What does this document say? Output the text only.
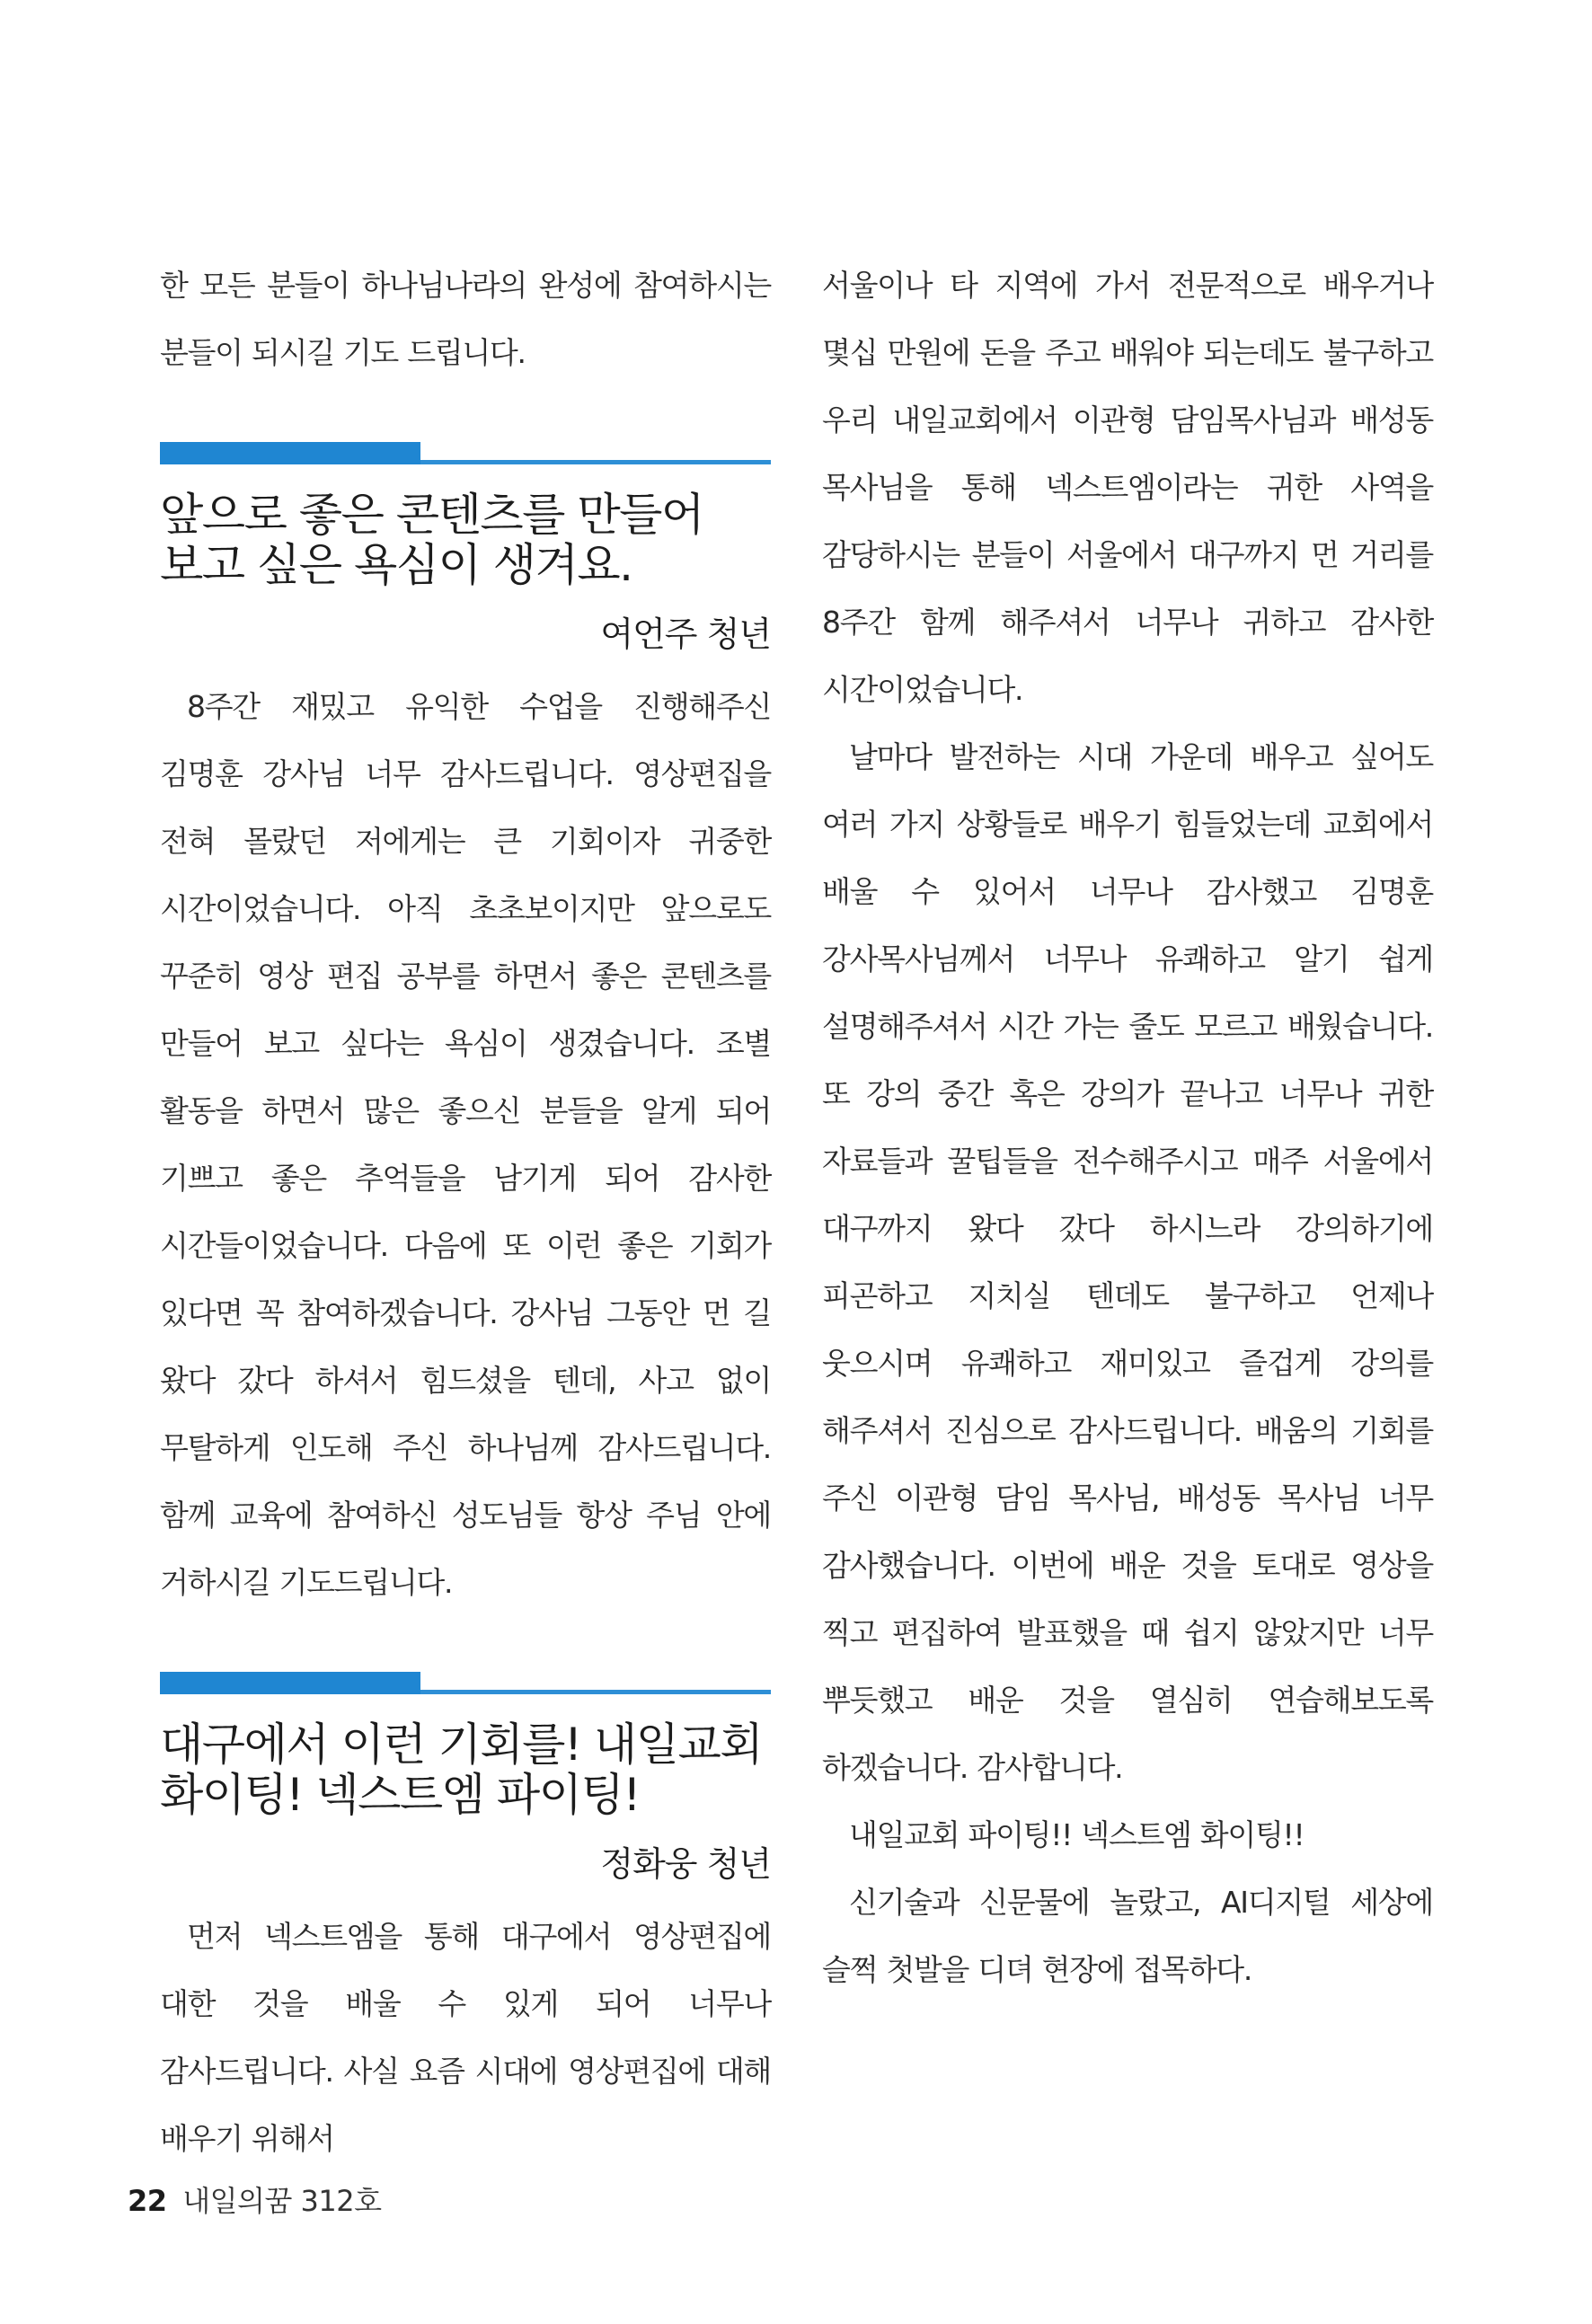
한 모든 분들이 하나님나라의 완성에 참여하시는 분들이 되시길 기도 드립니다.

앞으로 좋은 콘텐츠를 만들어
보고 싶은 욕심이 생겨요.
여언주 청년

8주간 재밌고 유익한 수업을 진행해주신 김명훈 강사님 너무 감사드립니다. 영상편집을 전혀 몰랐던 저에게는 큰 기회이자 귀중한 시간이었습니다. 아직 초초보이지만 앞으로도 꾸준히 영상 편집 공부를 하면서 좋은 콘텐츠를 만들어 보고 싶다는 욕심이 생겼습니다. 조별 활동을 하면서 많은 좋으신 분들을 알게 되어 기쁘고 좋은 추억들을 남기게 되어 감사한 시간들이었습니다. 다음에 또 이런 좋은 기회가 있다면 꼭 참여하겠습니다. 강사님 그동안 먼 길 왔다 갔다 하셔서 힘드셨을 텐데, 사고 없이 무탈하게 인도해 주신 하나님께 감사드립니다. 함께 교육에 참여하신 성도님들 항상 주님 안에 거하시길 기도드립니다.

대구에서 이런 기회를! 내일교회
화이팅! 넥스트엠 파이팅!
정화웅 청년

먼저 넥스트엠을 통해 대구에서 영상편집에 대한 것을 배울 수 있게 되어 너무나 감사드립니다. 사실 요즘 시대에 영상편집에 대해 배우기 위해서

서울이나 타 지역에 가서 전문적으로 배우거나 몇십 만원에 돈을 주고 배워야 되는데도 불구하고 우리 내일교회에서 이관형 담임목사님과 배성동 목사님을 통해 넥스트엠이라는 귀한 사역을 감당하시는 분들이 서울에서 대구까지 먼 거리를 8주간 함께 해주셔서 너무나 귀하고 감사한 시간이었습니다.

날마다 발전하는 시대 가운데 배우고 싶어도 여러 가지 상황들로 배우기 힘들었는데 교회에서 배울 수 있어서 너무나 감사했고 김명훈 강사목사님께서 너무나 유쾌하고 알기 쉽게 설명해주셔서 시간 가는 줄도 모르고 배웠습니다. 또 강의 중간 혹은 강의가 끝나고 너무나 귀한 자료들과 꿀팁들을 전수해주시고 매주 서울에서 대구까지 왔다 갔다 하시느라 강의하기에 피곤하고 지치실 텐데도 불구하고 언제나 웃으시며 유쾌하고 재미있고 즐겁게 강의를 해주셔서 진심으로 감사드립니다. 배움의 기회를 주신 이관형 담임 목사님, 배성동 목사님 너무 감사했습니다. 이번에 배운 것을 토대로 영상을 찍고 편집하여 발표했을 때 쉽지 않았지만 너무 뿌듯했고 배운 것을 열심히 연습해보도록 하겠습니다. 감사합니다.

내일교회 파이팅!! 넥스트엠 화이팅!!

신기술과 신문물에 놀랐고, AI디지털 세상에 슬쩍 첫발을 디뎌 현장에 접목하다.

22 내일의꿈 312호
